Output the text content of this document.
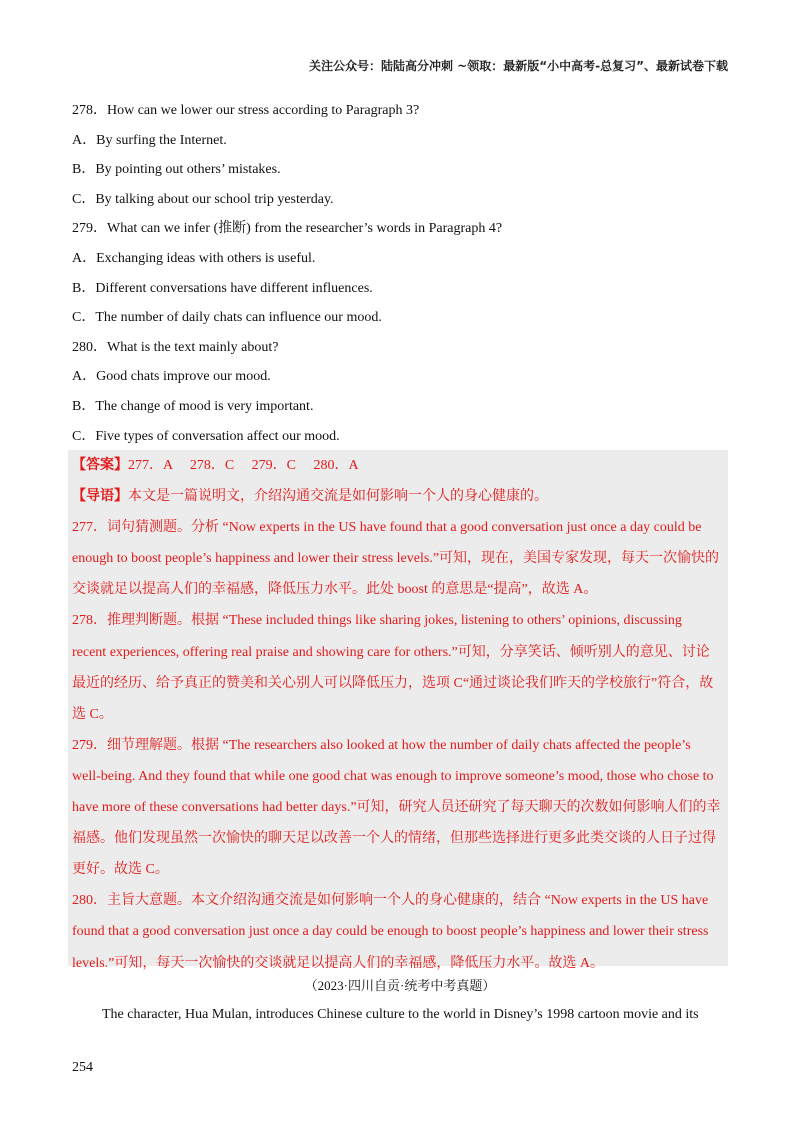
关注公众号：陆陆高分冲刺 ~领取：最新版“小中高考-总复习”、最新试卷下载
278．How can we lower our stress according to Paragraph 3?
A．By surfing the Internet.
B．By pointing out others’ mistakes.
C．By talking about our school trip yesterday.
279．What can we infer (推断) from the researcher’s words in Paragraph 4?
A．Exchanging ideas with others is useful.
B．Different conversations have different influences.
C．The number of daily chats can influence our mood.
280．What is the text mainly about?
A．Good chats improve our mood.
B．The change of mood is very important.
C．Five types of conversation affect our mood.

【答案】277．A 278．C 279．C 280．A

【导语】本文是一篇说明文，介绍沟通交流是如何影响一个人的身心健康的。

277．词句猜测题。分析 “Now experts in the US have found that a good conversation just once a day could be

enough to boost people’s happiness and lower their stress levels.”可知，现在，美国专家发现，每天一次愉快的

交谈就足以提高人们的幸福感，降低压力水平。此处 boost 的意思是“提高”，故选 A。

278．推理判断题。根据 “These included things like sharing jokes, listening to others’ opinions, discussing

recent experiences, offering real praise and showing care for others.”可知，分享笑话、倾听别人的意见、讨论

最近的经历、给予真正的赞美和关心别人可以降低压力，选项 C“通过谈论我们昨天的学校旅行”符合，故

选 C。

279．细节理解题。根据 “The researchers also looked at how the number of daily chats affected the people’s

well-being. And they found that while one good chat was enough to improve someone’s mood, those who chose to

have more of these conversations had better days.”可知，研究人员还研究了每天聊天的次数如何影响人们的幸

福感。他们发现虽然一次愉快的聊天足以改善一个人的情绪，但那些选择进行更多此类交谈的人日子过得

更好。故选 C。

280．主旨大意题。本文介绍沟通交流是如何影响一个人的身心健康的，结合 “Now experts in the US have

found that a good conversation just once a day could be enough to boost people’s happiness and lower their stress

levels.”可知，每天一次愉快的交谈就足以提高人们的幸福感，降低压力水平。故选 A。

（2023·四川自贡·统考中考真题）
The character, Hua Mulan, introduces Chinese culture to the world in Disney’s 1998 cartoon movie and its
254
